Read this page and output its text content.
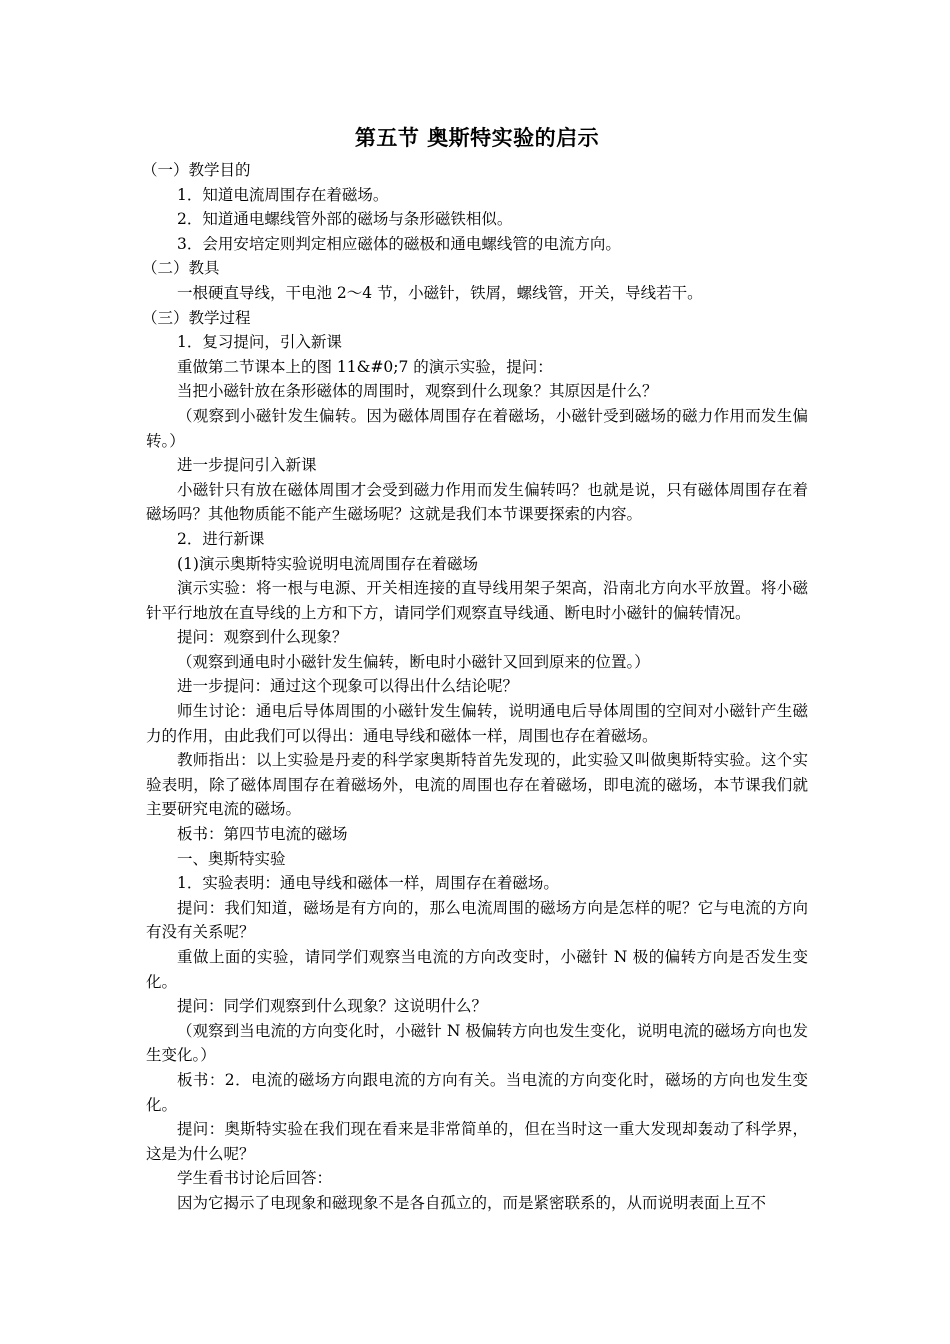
第五节 奥斯特实验的启示

（一）教学目的

1．知道电流周围存在着磁场。

2．知道通电螺线管外部的磁场与条形磁铁相似。

3．会用安培定则判定相应磁体的磁极和通电螺线管的电流方向。

（二）教具

一根硬直导线，干电池 2～4 节，小磁针，铁屑，螺线管，开关，导线若干。

（三）教学过程

1．复习提问，引入新课

重做第二节课本上的图 11&#0;7 的演示实验，提问：

当把小磁针放在条形磁体的周围时，观察到什么现象？其原因是什么？

（观察到小磁针发生偏转。因为磁体周围存在着磁场，小磁针受到磁场的磁力作用而发生偏转。）

进一步提问引入新课

小磁针只有放在磁体周围才会受到磁力作用而发生偏转吗？也就是说，只有磁体周围存在着磁场吗？其他物质能不能产生磁场呢？这就是我们本节课要探索的内容。

2．进行新课

(1)演示奥斯特实验说明电流周围存在着磁场

演示实验：将一根与电源、开关相连接的直导线用架子架高，沿南北方向水平放置。将小磁针平行地放在直导线的上方和下方，请同学们观察直导线通、断电时小磁针的偏转情况。

提问：观察到什么现象？

（观察到通电时小磁针发生偏转，断电时小磁针又回到原来的位置。）

进一步提问：通过这个现象可以得出什么结论呢？

师生讨论：通电后导体周围的小磁针发生偏转，说明通电后导体周围的空间对小磁针产生磁力的作用，由此我们可以得出：通电导线和磁体一样，周围也存在着磁场。

教师指出：以上实验是丹麦的科学家奥斯特首先发现的，此实验又叫做奥斯特实验。这个实验表明，除了磁体周围存在着磁场外，电流的周围也存在着磁场，即电流的磁场，本节课我们就主要研究电流的磁场。

板书：第四节电流的磁场

一、奥斯特实验

1．实验表明：通电导线和磁体一样，周围存在着磁场。

提问：我们知道，磁场是有方向的，那么电流周围的磁场方向是怎样的呢？它与电流的方向有没有关系呢？

重做上面的实验，请同学们观察当电流的方向改变时，小磁针 N 极的偏转方向是否发生变化。

提问：同学们观察到什么现象？这说明什么？

（观察到当电流的方向变化时，小磁针 N 极偏转方向也发生变化，说明电流的磁场方向也发生变化。）

板书：2．电流的磁场方向跟电流的方向有关。当电流的方向变化时，磁场的方向也发生变化。

提问：奥斯特实验在我们现在看来是非常简单的，但在当时这一重大发现却轰动了科学界，这是为什么呢？

学生看书讨论后回答：

因为它揭示了电现象和磁现象不是各自孤立的，而是紧密联系的，从而说明表面上互不
